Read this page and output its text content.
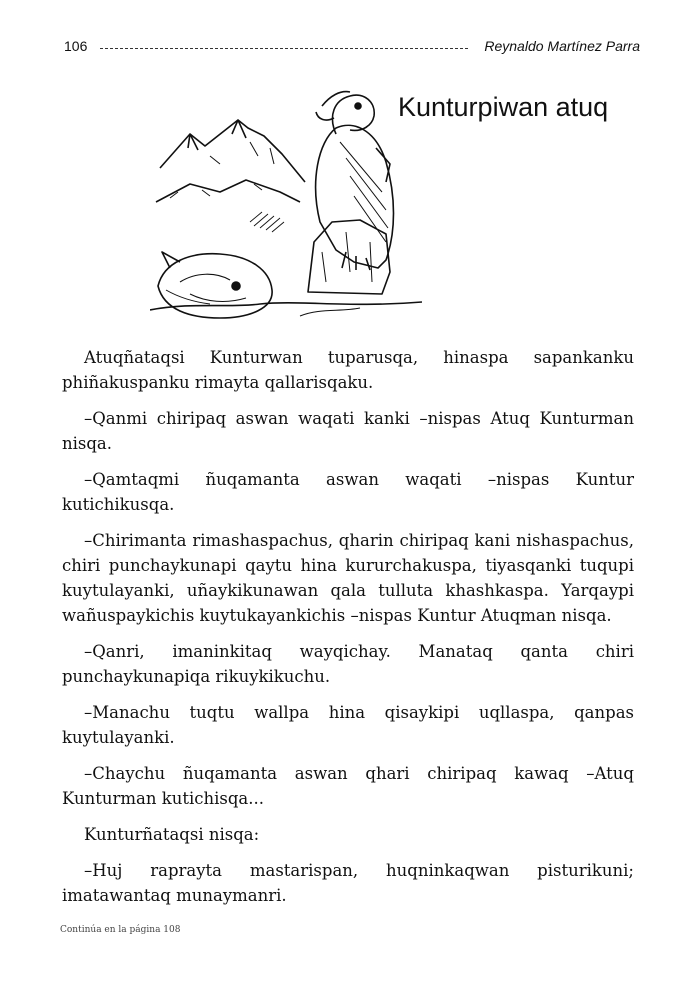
106	Reynaldo Martínez Parra
Kunturpiwan atuq

Atuqñataqsi Kunturwan tuparusqa, hinaspa sapankanku phiñakuspanku rimayta qallarisqaku.

–Qanmi chiripaq aswan waqati kanki –nispas Atuq Kunturman nisqa.

–Qamtaqmi ñuqamanta aswan waqati –nispas Kuntur kutichikusqa.

–Chirimanta rimashaspachus, qharin chiripaq kani nishaspachus, chiri punchaykunapi qaytu hina kururchakuspa, tiyasqanki tuqupi kuytulayanki, uñaykikunawan qala tulluta khashkaspa. Yarqaypi wañuspaykichis kuytukayankichis –nispas Kuntur Atuqman nisqa.

–Qanri, imaninkitaq wayqichay. Manataq qanta chiri punchaykunapiqa rikuykikuchu.

–Manachu tuqtu wallpa hina qisaykipi uqllaspa, qanpas kuytulayanki.

–Chaychu ñuqamanta aswan qhari chiripaq kawaq –Atuq Kunturman kutichisqa...

Kunturñataqsi nisqa:

–Huj raprayta mastarispan, huqninkaqwan pisturikuni; imatawantaq munaymanri.

Continúa en la página 108
